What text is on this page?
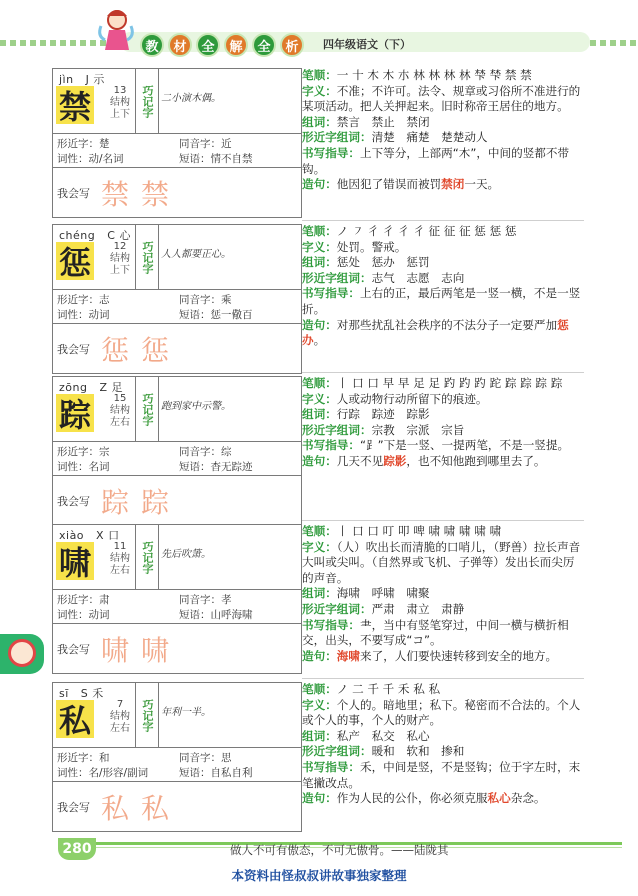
教	材	全	解	全	析	四年级语文（下）
jìn J 示
禁	13
结构
上下	巧记字 二小演木偶。
形近字：楚	同音字：近
词性：动/名词	短语：情不自禁
我会写 禁 禁

笔顺：一 十 木 木 朩 林 林 林 林 梺 梺 禁 禁

字义：不准；不许可。法令、规章或习俗所不准进行的某项活动。把人关押起来。旧时称帝王居住的地方。

组词：禁言　禁止　禁闭

形近字组词：清楚　痛楚　楚楚动人

书写指导：上下等分，上部两“木”，中间的竖都不带钩。

造句：他因犯了错误而被罚禁闭一天。

chéng C 心
惩	12
结构
上下	巧记字 人人都要正心。
形近字：志	同音字：乘
词性：动词	短语：惩一儆百
我会写 惩 惩

笔顺：ノ ㇇ 彳 彳 彳 彳 征 征 征 惩 惩 惩

字义：处罚。警戒。

组词：惩处　惩办　惩罚

形近字组词：志气　志愿　志向

书写指导：上右的正，最后两笔是一竖一横，不是一竖折。

造句：对那些扰乱社会秩序的不法分子一定要严加惩办。

zōng Z 足
踪	15
结构
左右	巧记字 跑到家中示警。
形近字：宗	同音字：综
词性：名词	短语：杳无踪迹
我会写 踪 踪

笔顺：丨 口 口 早 早 足 足 趵 趵 趵 跎 踪 踪 踪 踪

字义：人或动物行动所留下的痕迹。

组词：行踪　踪迹　踪影

形近字组词：宗教　宗派　宗旨

书写指导：“⻊”下是一竖、一提两笔，不是一竖提。

造句：几天不见踪影，也不知他跑到哪里去了。

xiào X 口
啸	11
结构
左右	巧记字 先后吹箫。
形近字：肃	同音字：孝
词性：动词	短语：山呼海啸
我会写 啸 啸

笔顺：丨 口 口 叮 叩 啤 啸 啸 啸 啸 啸

字义：（人）吹出长而清脆的口哨儿，（野兽）拉长声音大叫或尖叫。（自然界或飞机、子弹等）发出长而尖厉的声音。

组词：海啸　呼啸　啸聚

形近字组词：严肃　肃立　肃静

书写指导：⺻，当中有竖笔穿过，中间一横与横折相交，出头，不要写成“コ”。

造句：海啸来了，人们要快速转移到安全的地方。

sī S 禾
私	7
结构
左右	巧记字 年利一半。
形近字：和	同音字：思
词性：名/形容/副词	短语：自私自利
我会写 私 私

笔顺：ノ 二 千 千 禾 私 私

字义：个人的。暗地里；私下。秘密而不合法的。个人或个人的事，个人的财产。

组词：私产　私交　私心

形近字组词：暖和　软和　掺和

书写指导：禾，中间是竖，不是竖钩；位于字左时，末笔撇改点。

造句：作为人民的公仆，你必须克服私心杂念。

280	做人不可有傲态，不可无傲骨。——陆陇其
本资料由怪叔叔讲故事独家整理
